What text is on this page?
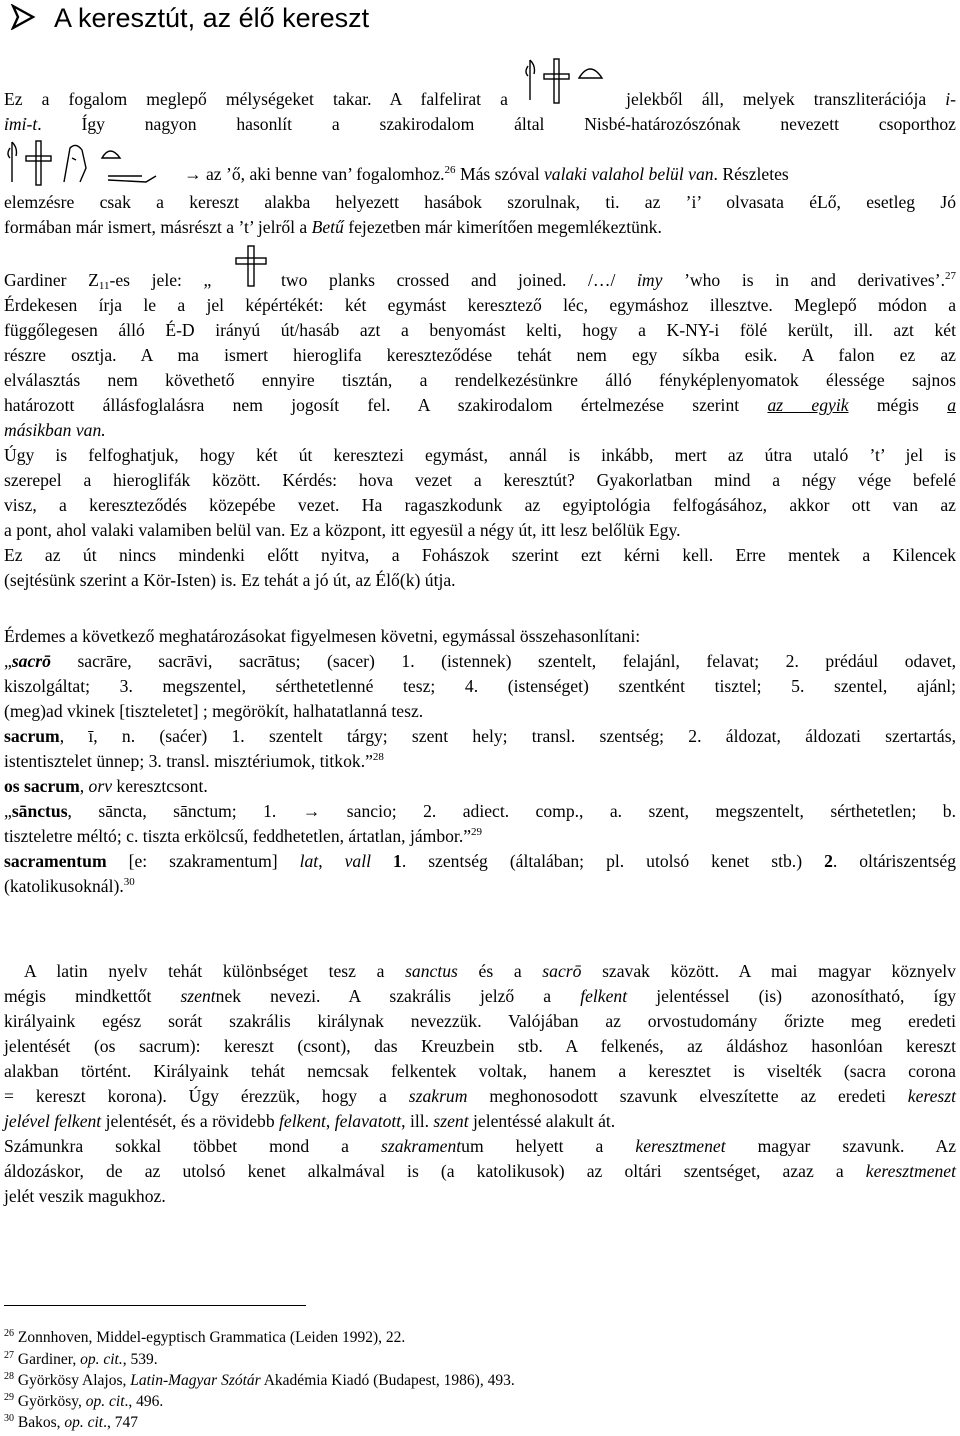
A keresztút, az élő kereszt
Ez a fogalom meglepő mélységeket takar. A falfelirat a	jelekből áll, melyek transzliterációja i-
ỉmỉ-t. Így nagyon hasonlít a szakirodalom által Nisbé-határozószónak nevezett csoporthoz
→ az ’ő, aki benne van’ fogalomhoz.$^{26}$ Más szóval valaki valahol belül van. Részletes
elemzésre csak a kereszt alakba helyezett hasábok szorulnak, ti. az ’i’ olvasata éLő, esetleg Jó
formában már ismert, másrészt a ’t’ jelről a Betű fejezetben már kimerítően megemlékeztünk.
Gardiner $Z_{11}-es$ jele: „	two planks crossed and joined. /…/ ỉmy ’who is in and derivatives’.$^{27}$
Érdekesen írja le a jel képértékét: két egymást keresztező léc, egymáshoz illesztve. Meglepő módon a
függőlegesen álló É-D irányú út/hasáb azt a benyomást kelti, hogy a K-NY-i fölé került, ill. azt két
részre osztja. A ma ismert hieroglifa kereszteződése tehát nem egy síkba esik. A falon ez az
elválasztás nem követhető ennyire tisztán, a rendelkezésünkre álló fényképlenyomatok élessége sajnos
határozott állásfoglalásra nem jogosít fel. A szakirodalom értelmezése szerint az egyik mégis a
másikban van.
Úgy is felfoghatjuk, hogy két út keresztezi egymást, annál is inkább, mert az útra utaló ’t’ jel is
szerepel a hieroglifák között. Kérdés: hova vezet a keresztút? Gyakorlatban mind a négy vége befelé
visz, a kereszteződés közepébe vezet. Ha ragaszkodunk az egyiptológia felfogásához, akkor ott van az
a pont, ahol valaki valamiben belül van. Ez a központ, itt egyesül a négy út, itt lesz belőlük Egy.
Ez az út nincs mindenki előtt nyitva, a Fohászok szerint ezt kérni kell. Erre mentek a Kilencek
(sejtésünk szerint a Kör-Isten) is. Ez tehát a jó út, az Élő(k) útja.
Érdemes a következő meghatározásokat figyelmesen követni, egymással összehasonlítani:
„sacrō sacrāre, sacrāvi, sacrātus; (sacer) 1. (istennek) szentelt, felajánl, felavat; 2. prédául odavet,
kiszolgáltat; 3. megszentel, sérthetetlenné tesz; 4. (istenséget) szentként tisztel; 5. szentel, ajánl;
(meg)ad vkinek [tiszteletet] ; megörökít, halhatatlanná tesz.
sacrum, ī, n. (saćer) 1. szentelt tárgy; szent hely; transl. szentség; 2. áldozat, áldozati szertartás,
istentisztelet ünnep; 3. transl. misztériumok, titkok.”$^{28}$
os sacrum, orv keresztcsont.
„sānctus, sāncta, sānctum; 1. → sancio; 2. adiect. comp., a. szent, megszentelt, sérthetetlen; b.
tiszteletre méltó; c. tiszta erkölcsű, feddhetetlen, ártatlan, jámbor.”$^{29}$
sacramentum [e: szakramentum] lat, vall 1. szentség (általában; pl. utolsó kenet stb.) 2. oltáriszentség
(katolikusoknál).$^{30}$
A latin nyelv tehát különbséget tesz a sanctus és a sacrō szavak között. A mai magyar köznyelv
mégis mindkettőt szentnek nevezi. A szakrális jelző a felkent jelentéssel (is) azonosítható, így
királyaink egész sorát szakrális királynak nevezzük. Valójában az orvostudomány őrizte meg eredeti
jelentését (os sacrum): kereszt (csont), das Kreuzbein stb. A felkenés, az áldáshoz hasonlóan kereszt
alakban történt. Királyaink tehát nemcsak felkentek voltak, hanem a keresztet is viselték (sacra corona
= kereszt korona). Úgy érezzük, hogy a szakrum meghonosodott szavunk elveszítette az eredeti kereszt
jelével felkent jelentését, és a rövidebb felkent, felavatott, ill. szent jelentéssé alakult át.
Számunkra sokkal többet mond a szakramentum helyett a keresztmenet magyar szavunk. Az
áldozáskor, de az utolsó kenet alkalmával is (a katolikusok) az oltári szentséget, azaz a keresztmenet
jelét veszik magukhoz.
$^{26}$ Zonnhoven, Middel-egyptisch Grammatica (Leiden 1992), 22.
$^{27}$ Gardiner, op. cit., 539.
$^{28}$ Györkösy Alajos, Latin-Magyar Szótár Akadémia Kiadó (Budapest, 1986), 493.
$^{29}$ Györkösy, op. cit., 496.
$^{30}$ Bakos, op. cit., 747
